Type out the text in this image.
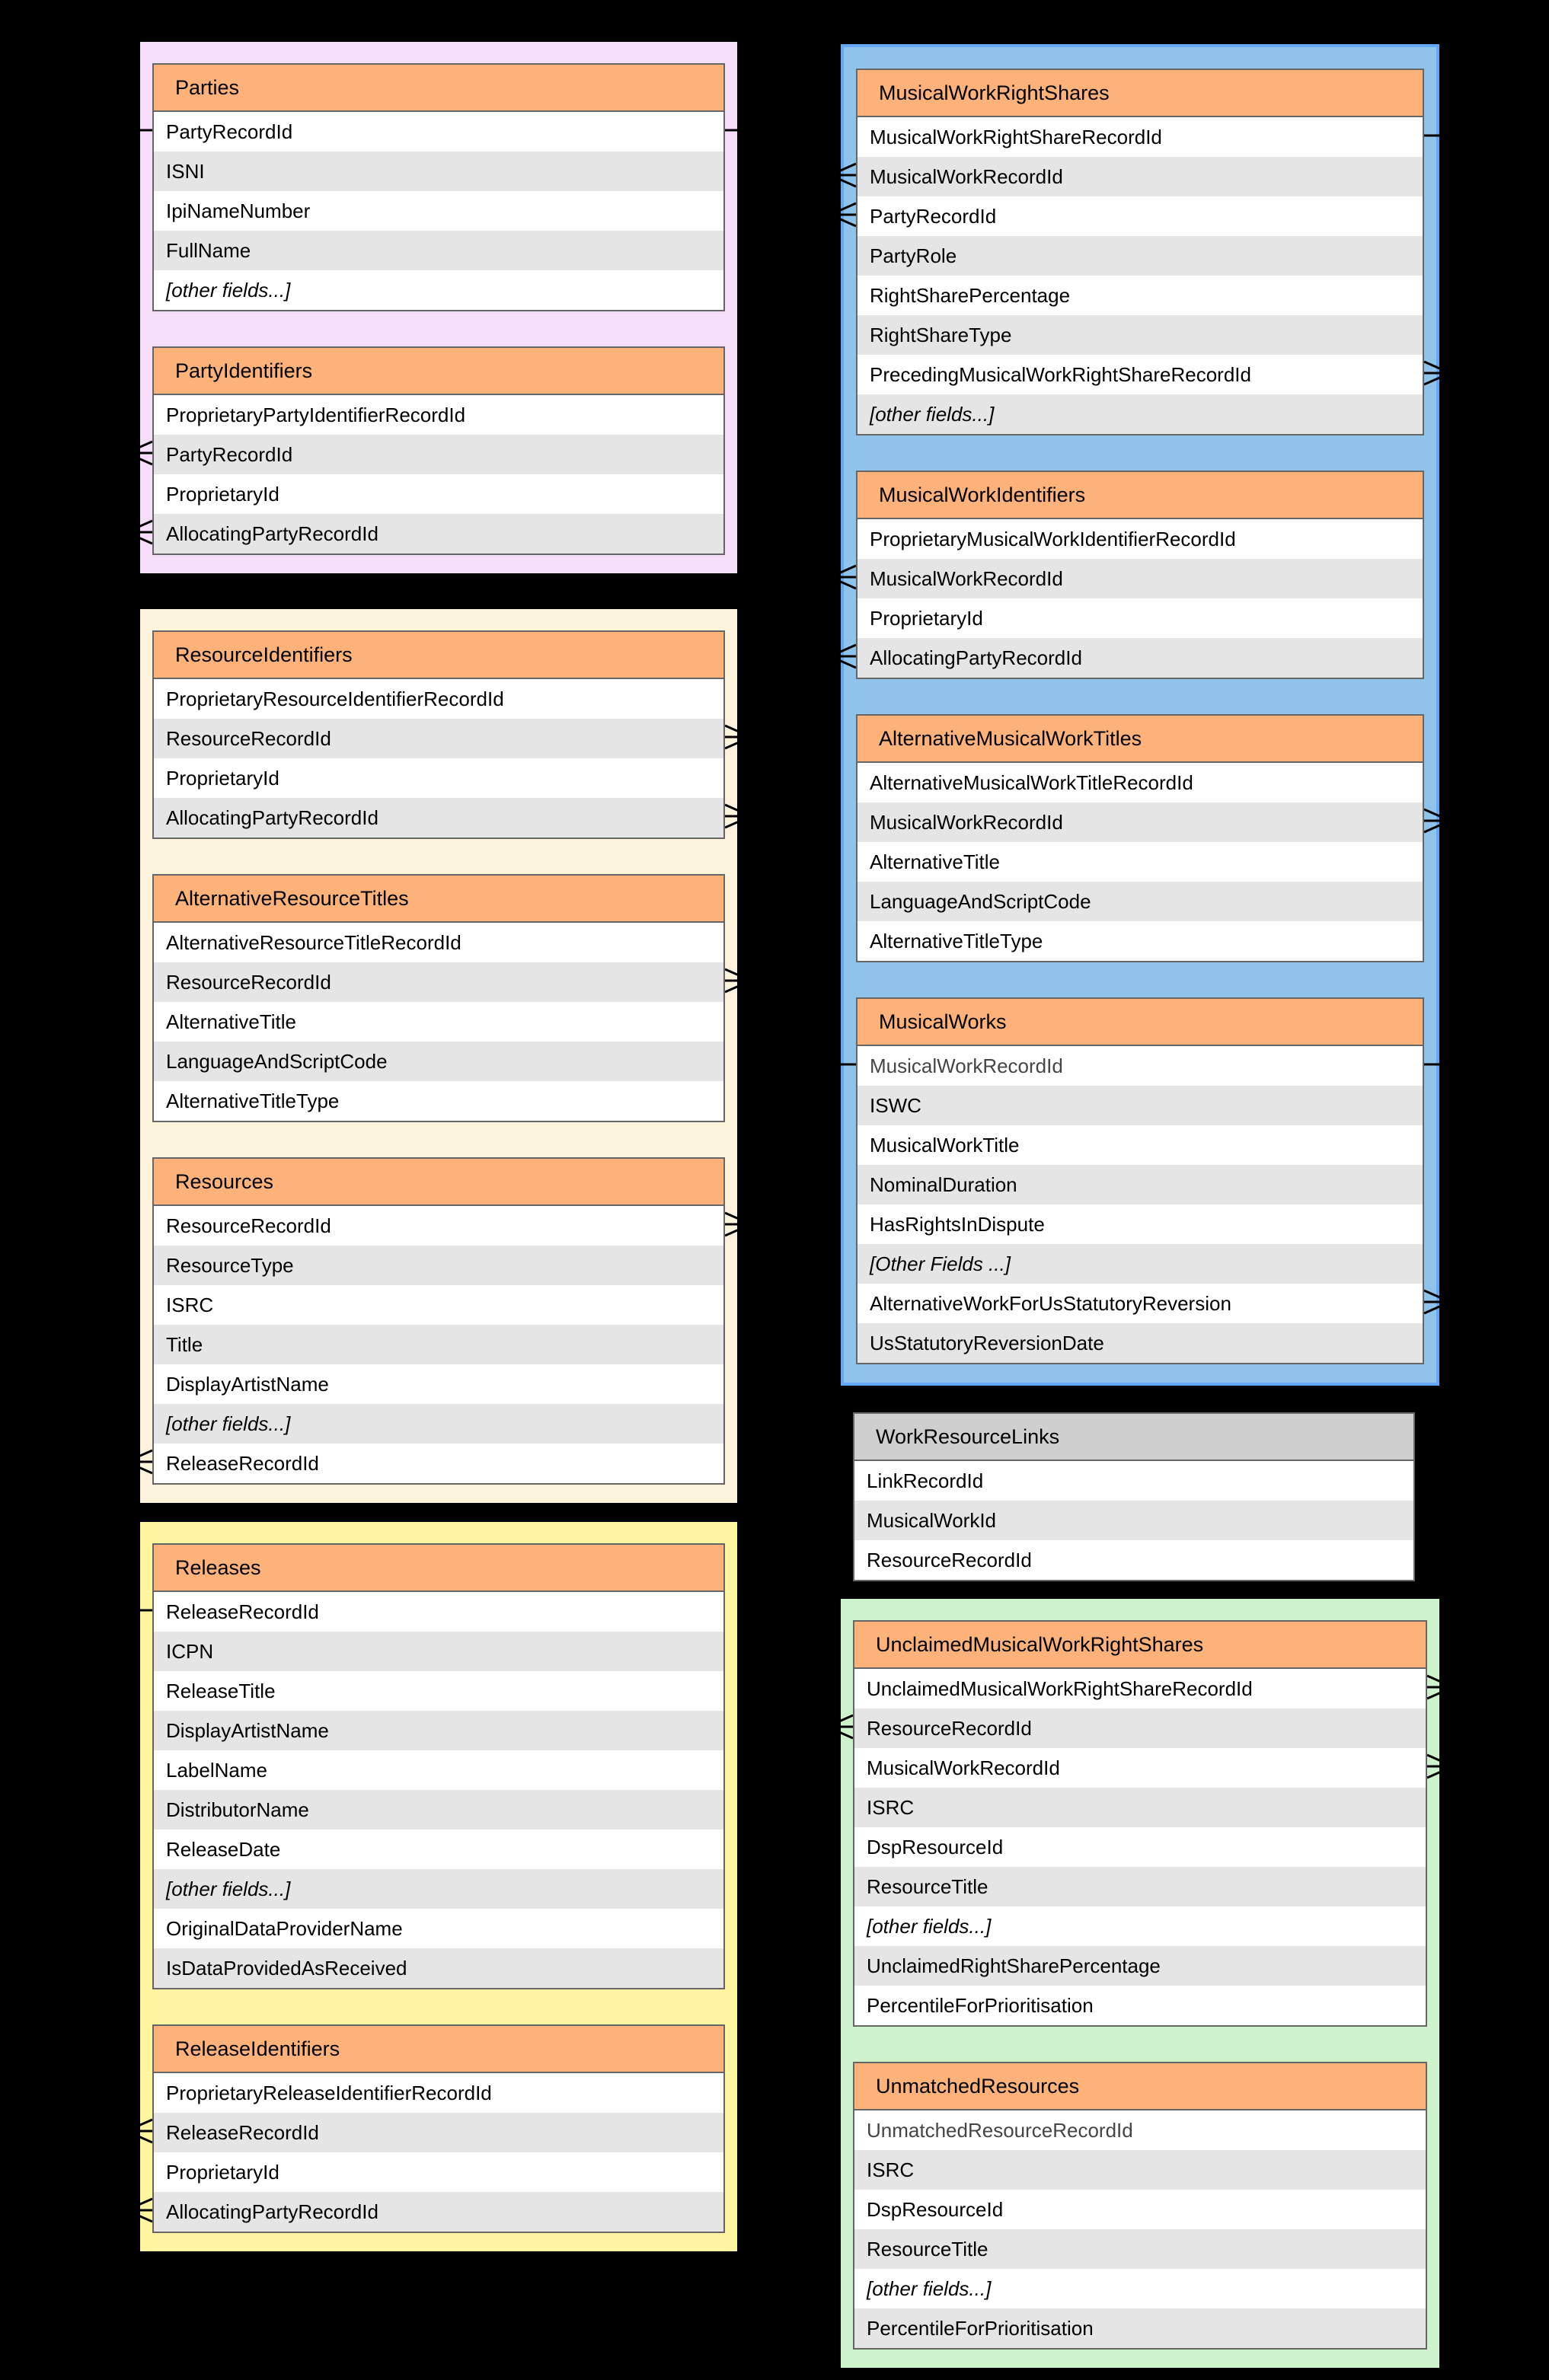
Parties
PartyRecordId
ISNI
IpiNameNumber
FullName
[other fields...]
PartyIdentifiers
ProprietaryPartyIdentifierRecordId
PartyRecordId
ProprietaryId
AllocatingPartyRecordId
ResourceIdentifiers
ProprietaryResourceIdentifierRecordId
ResourceRecordId
ProprietaryId
AllocatingPartyRecordId
AlternativeResourceTitles
AlternativeResourceTitleRecordId
ResourceRecordId
AlternativeTitle
LanguageAndScriptCode
AlternativeTitleType
Resources
ResourceRecordId
ResourceType
ISRC
Title
DisplayArtistName
[other fields...]
ReleaseRecordId
Releases
ReleaseRecordId
ICPN
ReleaseTitle
DisplayArtistName
LabelName
DistributorName
ReleaseDate
[other fields...]
OriginalDataProviderName
IsDataProvidedAsReceived
ReleaseIdentifiers
ProprietaryReleaseIdentifierRecordId
ReleaseRecordId
ProprietaryId
AllocatingPartyRecordId
MusicalWorkRightShares
MusicalWorkRightShareRecordId
MusicalWorkRecordId
PartyRecordId
PartyRole
RightSharePercentage
RightShareType
PrecedingMusicalWorkRightShareRecordId
[other fields...]
MusicalWorkIdentifiers
ProprietaryMusicalWorkIdentifierRecordId
MusicalWorkRecordId
ProprietaryId
AllocatingPartyRecordId
AlternativeMusicalWorkTitles
AlternativeMusicalWorkTitleRecordId
MusicalWorkRecordId
AlternativeTitle
LanguageAndScriptCode
AlternativeTitleType
MusicalWorks
MusicalWorkRecordId
ISWC
MusicalWorkTitle
NominalDuration
HasRightsInDispute
[Other Fields ...]
AlternativeWorkForUsStatutoryReversion
UsStatutoryReversionDate
UnclaimedMusicalWorkRightShares
UnclaimedMusicalWorkRightShareRecordId
ResourceRecordId
MusicalWorkRecordId
ISRC
DspResourceId
ResourceTitle
[other fields...]
UnclaimedRightSharePercentage
PercentileForPrioritisation
UnmatchedResources
UnmatchedResourceRecordId
ISRC
DspResourceId
ResourceTitle
[other fields...]
PercentileForPrioritisation
WorkResourceLinks
LinkRecordId
MusicalWorkId
ResourceRecordId
